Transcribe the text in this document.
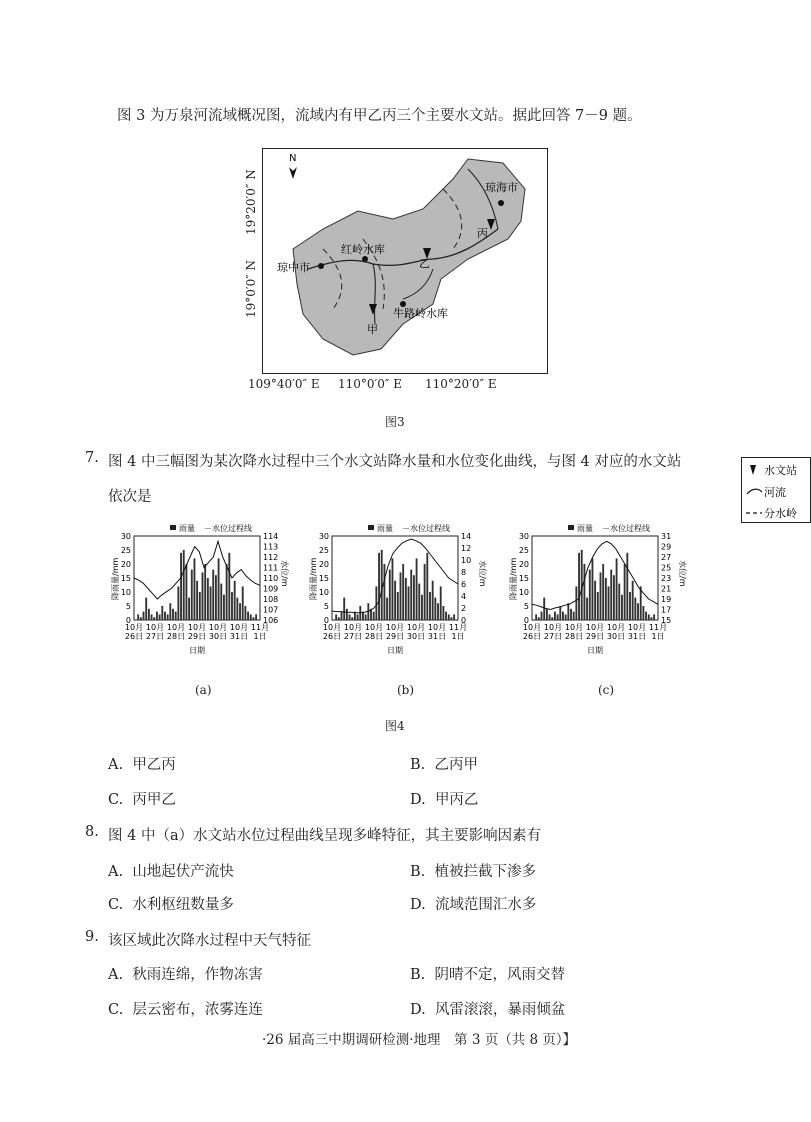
图 3 为万泉河流域概况图，流域内有甲乙丙三个主要水文站。据此回答 7－9 题。
N
琼海市
琼中市
红岭水库
牛路岭水库
乙
甲
丙
水文站
河流
分水岭
19°20′0″ N
19°0′0″ N
109°40′0″ E 110°0′0″ E 110°20′0″ E
图3
7. 图 4 中三幅图为某次降水过程中三个水文站降水量和水位变化曲线，与图 4 对应的水文站
依次是
雨量 －水位过程线
30
25
20
15
10
5
0
114
113
112
111
110
109
108
107
106
降雨量/mm	水位/m
10月
26日
10月
27日
10月
28日
10月
29日
10月
30日
10月
31日
11月
1日
日期
雨量 －水位过程线
30
25
20
15
10
5
0
14
12
10
8
6
4
2
0
降雨量/mm	水位/m
10月
26日
10月
27日
10月
28日
10月
29日
10月
30日
10月
31日
11月
1日
日期
雨量 －水位过程线
30
25
20
15
10
5
0
31
29
27
25
23
21
19
17
15
降雨量/mm	水位/m
10月
26日
10月
27日
10月
28日
10月
29日
10月
30日
10月
31日
11月
1日
日期
(a)	(b)	(c)
图4
A. 甲乙丙	B. 乙丙甲
C. 丙甲乙	D. 甲丙乙
8. 图 4 中（a）水文站水位过程曲线呈现多峰特征，其主要影响因素有
A. 山地起伏产流快	B. 植被拦截下渗多
C. 水利枢纽数量多	D. 流域范围汇水多
9. 该区域此次降水过程中天气特征
A. 秋雨连绵，作物冻害	B. 阴晴不定，风雨交替
C. 层云密布，浓雾连连	D. 风雷滚滚，暴雨倾盆
·26 届高三中期调研检测·地理　第 3 页（共 8 页）】
